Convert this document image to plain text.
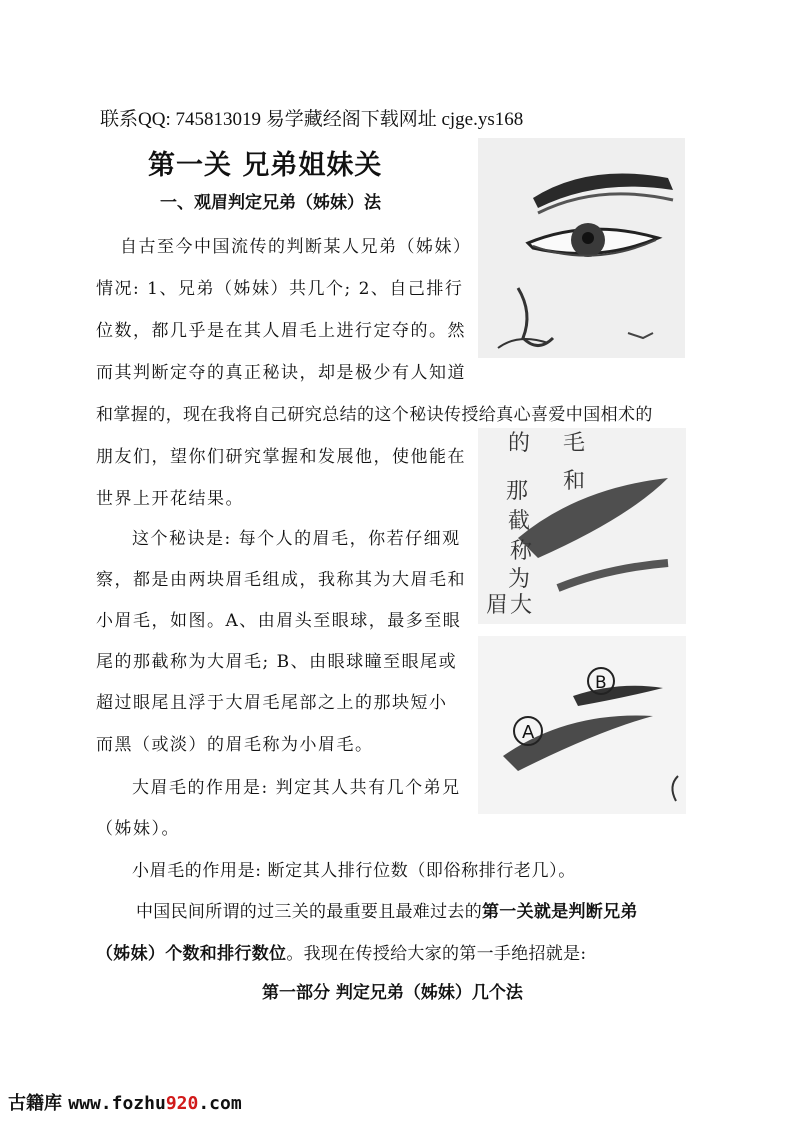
联系QQ: 745813019 易学藏经阁下载网址 cjge.ys168
第一关 兄弟姐妹关
一、观眉判定兄弟（姊妹）法
的 毛
那 和
截
称
为
大
眉
A
B
自古至今中国流传的判断某人兄弟（姊妹）
情况: 1、兄弟（姊妹）共几个; 2、自己排行
位数，都几乎是在其人眉毛上进行定夺的。然
而其判断定夺的真正秘诀，却是极少有人知道
和掌握的，现在我将自己研究总结的这个秘诀传授给真心喜爱中国相术的
朋友们，望你们研究掌握和发展他，使他能在
世界上开花结果。
这个秘诀是: 每个人的眉毛，你若仔细观
察，都是由两块眉毛组成，我称其为大眉毛和
小眉毛，如图。A、由眉头至眼球，最多至眼
尾的那截称为大眉毛; B、由眼球瞳至眼尾或
超过眼尾且浮于大眉毛尾部之上的那块短小
而黑（或淡）的眉毛称为小眉毛。
大眉毛的作用是: 判定其人共有几个弟兄
（姊妹）。
小眉毛的作用是: 断定其人排行位数（即俗称排行老几）。
中国民间所谓的过三关的最重要且最难过去的第一关就是判断兄弟
（姊妹）个数和排行数位。我现在传授给大家的第一手绝招就是:
第一部分 判定兄弟（姊妹）几个法
古籍库 www.fozhu920.com
